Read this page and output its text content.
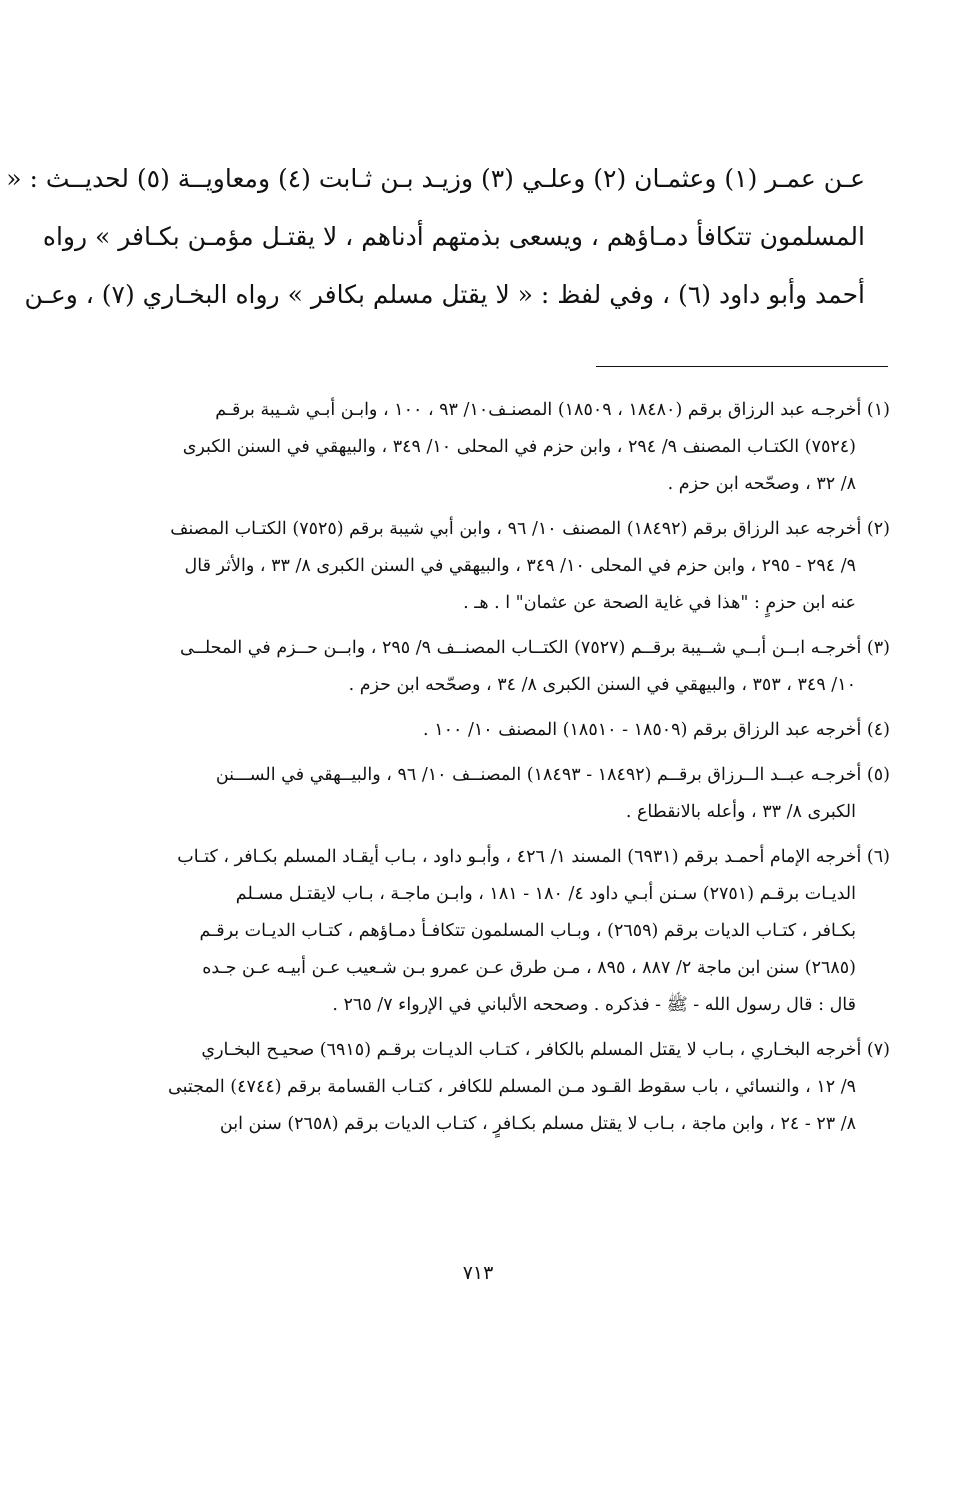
عـن عمـر (١) وعثمـان (٢) وعلـي (٣) وزيـد بـن ثـابت (٤) ومعاويــة (٥) لحديــث : «
المسلمون تتكافأ دمـاؤهم ، ويسعى بذمتهم أدناهم ، لا يقتـل مؤمـن بكـافر » رواه
أحمد وأبو داود (٦) ، وفي لفظ : « لا يقتل مسلم بكافر » رواه البخـاري (٧) ، وعـن
(١) أخرجـه عبد الرزاق برقم (١٨٤٨٠ ، ١٨٥٠٩) المصنـف١٠/ ٩٣ ، ١٠٠ ، وابـن أبـي شـيبة برقـم
(٧٥٢٤) الكتـاب المصنف ٩/ ٢٩٤ ، وابن حزم في المحلى ١٠/ ٣٤٩ ، والبيهقي في السنن الكبرى
٨/ ٣٢ ، وصحّحه ابن حزم .
(٢) أخرجه عبد الرزاق برقم (١٨٤٩٢) المصنف ١٠/ ٩٦ ، وابن أبي شيبة برقم (٧٥٢٥) الكتـاب المصنف
٩/ ٢٩٤ - ٢٩٥ ، وابن حزم في المحلى ١٠/ ٣٤٩ ، والبيهقي في السنن الكبرى ٨/ ٣٣ ، والأثر قال
عنه ابن حزمٍ : "هذا في غاية الصحة عن عثمان" ا . هـ .
(٣) أخرجـه ابــن أبــي شــيبة برقــم (٧٥٢٧) الكتــاب المصنــف ٩/ ٢٩٥ ، وابــن حــزم في المحلــى
١٠/ ٣٤٩ ، ٣٥٣ ، والبيهقي في السنن الكبرى ٨/ ٣٤ ، وصحّحه ابن حزم .
(٤) أخرجه عبد الرزاق برقم (١٨٥٠٩ - ١٨٥١٠) المصنف ١٠/ ١٠٠ .
(٥) أخرجـه عبــد الــرزاق برقــم (١٨٤٩٢ - ١٨٤٩٣) المصنــف ١٠/ ٩٦ ، والبيــهقي في الســـنن
الكبرى ٨/ ٣٣ ، وأعله بالانقطاع .
(٦) أخرجه الإمام أحمـد برقم (٦٩٣١) المسند ١/ ٤٢٦ ، وأبـو داود ، بـاب أيقـاد المسلم بكـافر ، كتـاب
الديـات برقـم (٢٧٥١) سـنن أبـي داود ٤/ ١٨٠ - ١٨١ ، وابـن ماجـة ، بـاب لايقتـل مسـلم
بكـافر ، كتـاب الديات برقم (٢٦٥٩) ، وبـاب المسلمون تتكافـأ دمـاؤهم ، كتـاب الديـات برقـم
(٢٦٨٥) سنن ابن ماجة ٢/ ٨٨٧ ، ٨٩٥ ، مـن طرق عـن عمرو بـن شـعيب عـن أبيـه عـن جـده
قال : قال رسول الله - ﷺ - فذكره . وصححه الألباني في الإرواء ٧/ ٢٦٥ .
(٧) أخرجه البخـاري ، بـاب لا يقتل المسلم بالكافر ، كتـاب الديـات برقـم (٦٩١٥) صحيـح البخـاري
٩/ ١٢ ، والنسائي ، باب سقوط القـود مـن المسلم للكافر ، كتـاب القسامة برقم (٤٧٤٤) المجتبى
٨/ ٢٣ - ٢٤ ، وابن ماجة ، بـاب لا يقتل مسلم بكـافرٍ ، كتـاب الديات برقم (٢٦٥٨) سنن ابن
٧١٣
